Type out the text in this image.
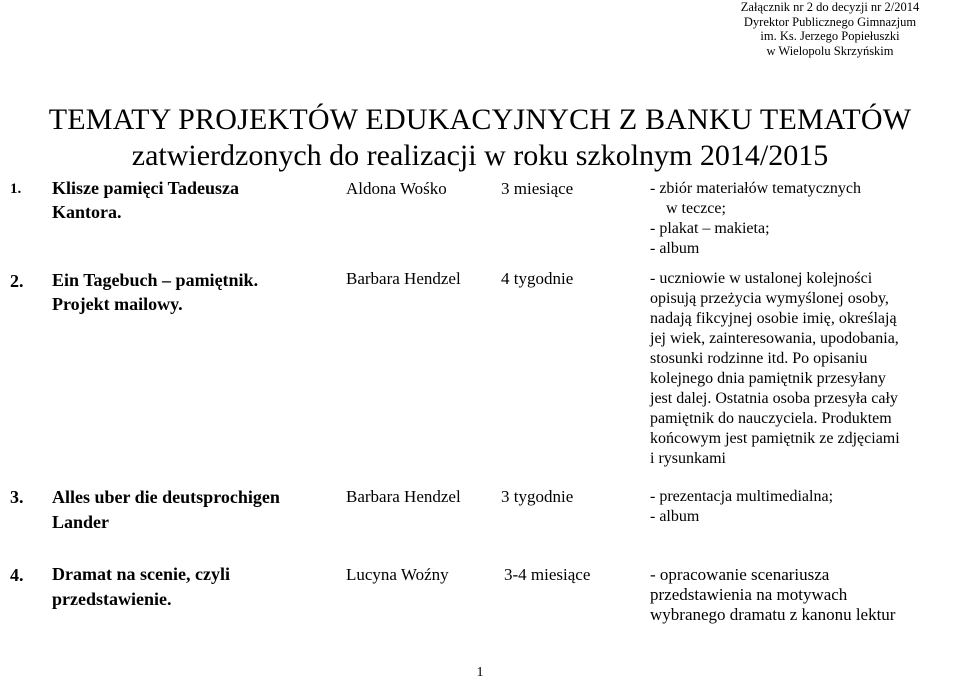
Załącznik nr 2 do decyzji nr 2/2014
Dyrektor Publicznego Gimnazjum
im. Ks. Jerzego Popiełuszki
w Wielopolu Skrzyńskim
TEMATY PROJEKTÓW EDUKACYJNYCH Z BANKU TEMATÓW
zatwierdzonych do realizacji w roku szkolnym 2014/2015
1. Klisze pamięci Tadeusza
Kantora.
Aldona Wośko	3 miesiące	- zbiór materiałów tematycznych
w teczce;
- plakat – makieta;
- album
2. Ein Tagebuch – pamiętnik.
Projekt mailowy.
Barbara Hendzel 4 tygodnie	- uczniowie w ustalonej kolejności
opisują przeżycia wymyślonej osoby,
nadają fikcyjnej osobie imię, określają
jej wiek, zainteresowania, upodobania,
stosunki rodzinne itd. Po opisaniu
kolejnego dnia pamiętnik przesyłany
jest dalej. Ostatnia osoba przesyła cały
pamiętnik do nauczyciela. Produktem
końcowym jest pamiętnik ze zdjęciami
i rysunkami
3. Alles uber die deutsprochigen
Lander
Barbara Hendzel 3 tygodnie	- prezentacja multimedialna;
- album
4. Dramat na scenie, czyli
przedstawienie.
Lucyna Woźny	3-4 miesiące	- opracowanie scenariusza
przedstawienia na motywach
wybranego dramatu z kanonu lektur
1
